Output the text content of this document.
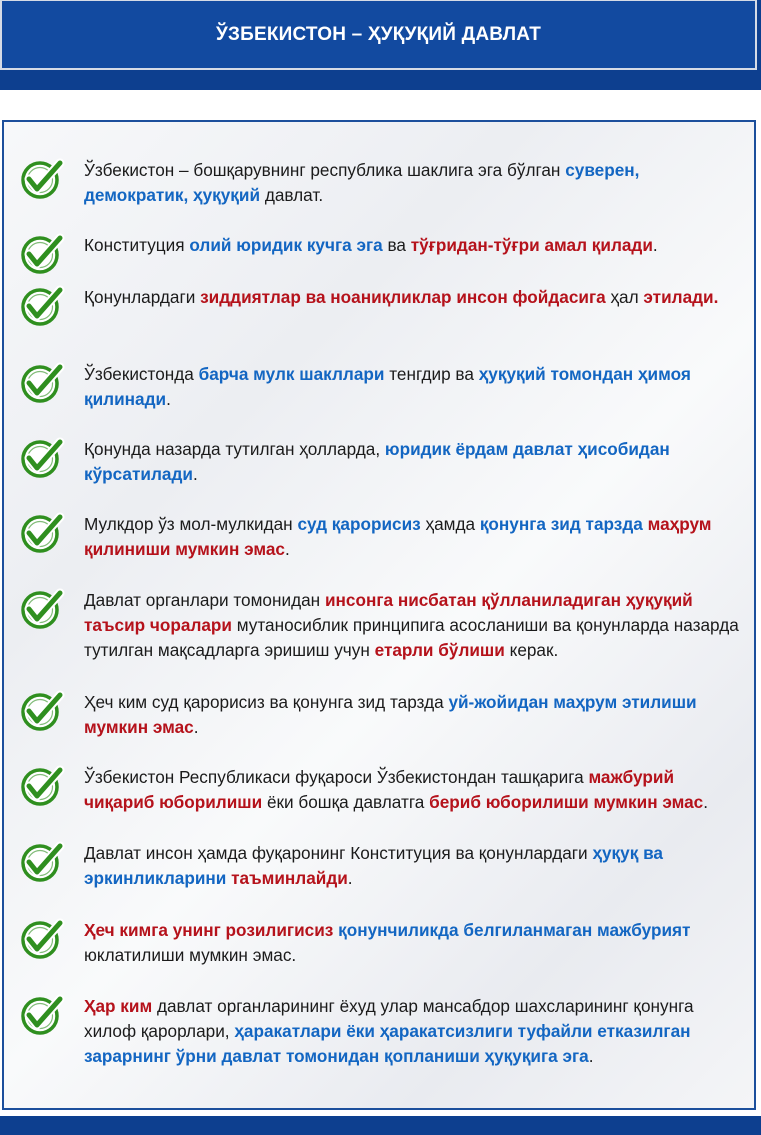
ЎЗБЕКИСТОН – ҲУҚУҚИЙ ДАВЛАТ
Ўзбекистон – бошқарувнинг республика шаклига эга бўлган суверен, демократик, ҳуқуқий давлат.
Конституция олий юридик кучга эга ва тўғридан-тўғри амал қилади.
Қонунлардаги зиддиятлар ва ноаниқликлар инсон фойдасига ҳал этилади.
Ўзбекистонда барча мулк шакллари тенгдир ва ҳуқуқий томондан ҳимоя қилинади.
Қонунда назарда тутилган ҳолларда, юридик ёрдам давлат ҳисобидан кўрсатилади.
Мулкдор ўз мол-мулкидан суд қарорисиз ҳамда қонунга зид тарзда маҳрум қилиниши мумкин эмас.
Давлат органлари томонидан инсонга нисбатан қўлланиладиган ҳуқуқий таъсир чоралари мутаносиблик принципига асосланиши ва қонунларда назарда тутилган мақсадларга эришиш учун етарли бўлиши керак.
Ҳеч ким суд қарорисиз ва қонунга зид тарзда уй-жойидан маҳрум этилиши мумкин эмас.
Ўзбекистон Республикаси фуқароси Ўзбекистондан ташқарига мажбурий чиқариб юборилиши ёки бошқа давлатга бериб юборилиши мумкин эмас.
Давлат инсон ҳамда фуқаронинг Конституция ва қонунлардаги ҳуқуқ ва эркинликларини таъминлайди.
Ҳеч кимга унинг розилигисиз қонунчиликда белгиланмаган мажбурият юклатилиши мумкин эмас.
Ҳар ким давлат органларининг ёхуд улар мансабдор шахсларининг қонунга хилоф қарорлари, ҳаракатлари ёки ҳаракатсизлиги туфайли етказилган зарарнинг ўрни давлат томонидан қопланиши ҳуқуқига эга.
